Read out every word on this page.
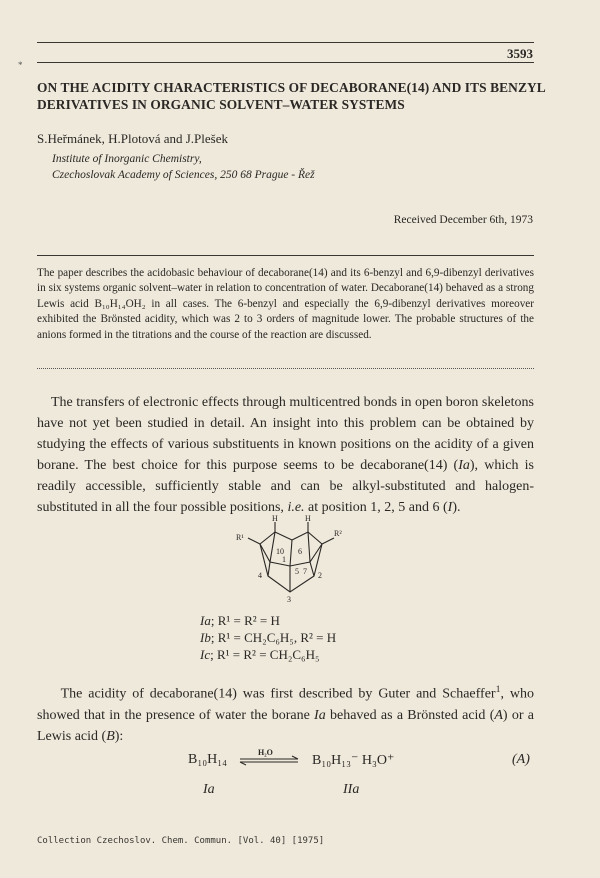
3593
*
ON THE ACIDITY CHARACTERISTICS OF DECABORANE(14) AND ITS BENZYL DERIVATIVES IN ORGANIC SOLVENT–WATER SYSTEMS
S.Heřmánek, H.Plotová and J.Plešek
Institute of Inorganic Chemistry,
Czechoslovak Academy of Sciences, 250 68 Prague - Řež
Received December 6th, 1973
The paper describes the acidobasic behaviour of decaborane(14) and its 6-benzyl and 6,9-dibenzyl derivatives in six systems organic solvent–water in relation to concentration of water. Decaborane(14) behaved as a strong Lewis acid B₁₀H₁₄OH₂ in all cases. The 6-benzyl and especially the 6,9-dibenzyl derivatives moreover exhibited the Brönsted acidity, which was 2 to 3 orders of magnitude lower. The probable structures of the anions formed in the titrations and the course of the reaction are discussed.
The transfers of electronic effects through multicentred bonds in open boron skeletons have not yet been studied in detail. An insight into this problem can be obtained by studying the effects of various substituents in known positions on the acidity of a given borane. The best choice for this purpose seems to be decaborane(14) (Ia), which is readily accessible, sufficiently stable and can be alkyl-substituted and halogen-substituted in all the four possible positions, i.e. at position 1, 2, 5 and 6 (I).
R¹	R²
H	H
10 6
5
4	7 2
3
1
Ia; R¹ = R² = H
Ib; R¹ = CH₂C₆H₅, R² = H
Ic; R¹ = R² = CH₂C₆H₅
The acidity of decaborane(14) was first described by Guter and Schaeffer$^1$, who showed that in the presence of water the borane Ia behaved as a Brönsted acid (A) or a Lewis acid (B):
B₁₀H₁₄	H₂O
B₁₀H₁₃⁻ H₃O⁺	(A)
Ia	IIa
Collection Czechoslov. Chem. Commun. [Vol. 40] [1975]
